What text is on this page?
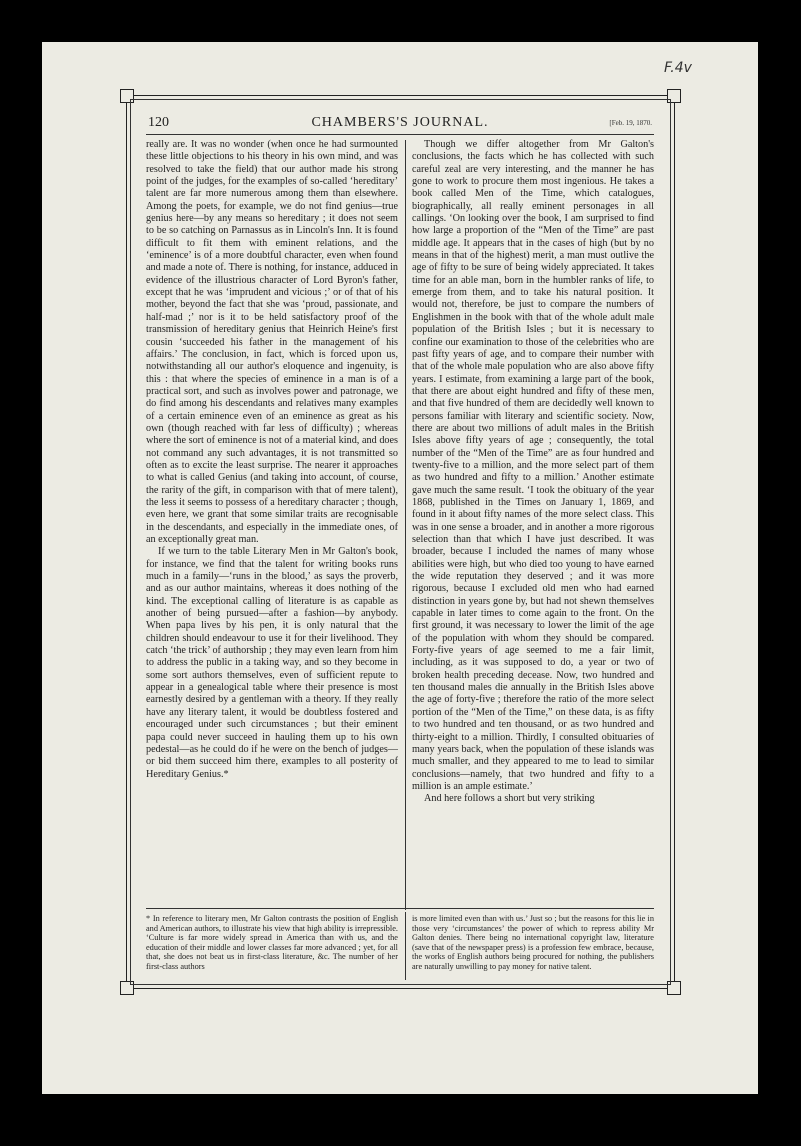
F.4v
120	CHAMBERS'S JOURNAL.	[Feb. 19, 1870.

really are. It was no wonder (when once he had surmounted these little objections to his theory in his own mind, and was resolved to take the field) that our author made his strong point of the judges, for the examples of so-called ‘hereditary’ talent are far more numerous among them than elsewhere. Among the poets, for example, we do not find genius—true genius here—by any means so hereditary ; it does not seem to be so catching on Parnassus as in Lincoln's Inn. It is found difficult to fit them with eminent relations, and the ‘eminence’ is of a more doubtful character, even when found and made a note of. There is nothing, for instance, adduced in evidence of the illustrious character of Lord Byron's father, except that he was ‘imprudent and vicious ;’ or of that of his mother, beyond the fact that she was ‘proud, passionate, and half-mad ;’ nor is it to be held satisfactory proof of the transmission of hereditary genius that Heinrich Heine's first cousin ‘succeeded his father in the management of his affairs.’ The conclusion, in fact, which is forced upon us, notwithstanding all our author's eloquence and ingenuity, is this : that where the species of eminence in a man is of a practical sort, and such as involves power and patronage, we do find among his descendants and relatives many examples of a certain eminence even of an eminence as great as his own (though reached with far less of difficulty) ; whereas where the sort of eminence is not of a material kind, and does not command any such advantages, it is not transmitted so often as to excite the least surprise. The nearer it approaches to what is called Genius (and taking into account, of course, the rarity of the gift, in comparison with that of mere talent), the less it seems to possess of a hereditary character ; though, even here, we grant that some similar traits are recognisable in the descendants, and especially in the immediate ones, of an exceptionally great man.

If we turn to the table Literary Men in Mr Galton's book, for instance, we find that the talent for writing books runs much in a family—‘runs in the blood,’ as says the proverb, and as our author maintains, whereas it does nothing of the kind. The exceptional calling of literature is as capable as another of being pursued—after a fashion—by anybody. When papa lives by his pen, it is only natural that the children should endeavour to use it for their livelihood. They catch ‘the trick’ of authorship ; they may even learn from him to address the public in a taking way, and so they become in some sort authors themselves, even of sufficient repute to appear in a genealogical table where their presence is most earnestly desired by a gentleman with a theory. If they really have any literary talent, it would be doubtless fostered and encouraged under such circumstances ; but their eminent papa could never succeed in hauling them up to his own pedestal—as he could do if he were on the bench of judges—or bid them succeed him there, examples to all posterity of Hereditary Genius.*

Though we differ altogether from Mr Galton's conclusions, the facts which he has collected with such careful zeal are very interesting, and the manner he has gone to work to procure them most ingenious. He takes a book called Men of the Time, which catalogues, biographically, all really eminent personages in all callings. ‘On looking over the book, I am surprised to find how large a proportion of the “Men of the Time” are past middle age. It appears that in the cases of high (but by no means in that of the highest) merit, a man must outlive the age of fifty to be sure of being widely appreciated. It takes time for an able man, born in the humbler ranks of life, to emerge from them, and to take his natural position. It would not, therefore, be just to compare the numbers of Englishmen in the book with that of the whole adult male population of the British Isles ; but it is necessary to confine our examination to those of the celebrities who are past fifty years of age, and to compare their number with that of the whole male population who are also above fifty years. I estimate, from examining a large part of the book, that there are about eight hundred and fifty of these men, and that five hundred of them are decidedly well known to persons familiar with literary and scientific society. Now, there are about two millions of adult males in the British Isles above fifty years of age ; consequently, the total number of the “Men of the Time” are as four hundred and twenty-five to a million, and the more select part of them as two hundred and fifty to a million.’ Another estimate gave much the same result. ‘I took the obituary of the year 1868, published in the Times on January 1, 1869, and found in it about fifty names of the more select class. This was in one sense a broader, and in another a more rigorous selection than that which I have just described. It was broader, because I included the names of many whose abilities were high, but who died too young to have earned the wide reputation they deserved ; and it was more rigorous, because I excluded old men who had earned distinction in years gone by, but had not shewn themselves capable in later times to come again to the front. On the first ground, it was necessary to lower the limit of the age of the population with whom they should be compared. Forty-five years of age seemed to me a fair limit, including, as it was supposed to do, a year or two of broken health preceding decease. Now, two hundred and ten thousand males die annually in the British Isles above the age of forty-five ; therefore the ratio of the more select portion of the “Men of the Time,” on these data, is as fifty to two hundred and ten thousand, or as two hundred and thirty-eight to a million. Thirdly, I consulted obituaries of many years back, when the population of these islands was much smaller, and they appeared to me to lead to similar conclusions—namely, that two hundred and fifty to a million is an ample estimate.’

And here follows a short but very striking

* In reference to literary men, Mr Galton contrasts the position of English and American authors, to illustrate his view that high ability is irrepressible. ‘Culture is far more widely spread in America than with us, and the education of their middle and lower classes far more advanced ; yet, for all that, she does not beat us in first-class literature, &c. The number of her first-class authors
is more limited even than with us.’ Just so ; but the reasons for this lie in those very ‘circumstances’ the power of which to repress ability Mr Galton denies. There being no international copyright law, literature (save that of the newspaper press) is a profession few embrace, because, the works of English authors being procured for nothing, the publishers are naturally unwilling to pay money for native talent.
